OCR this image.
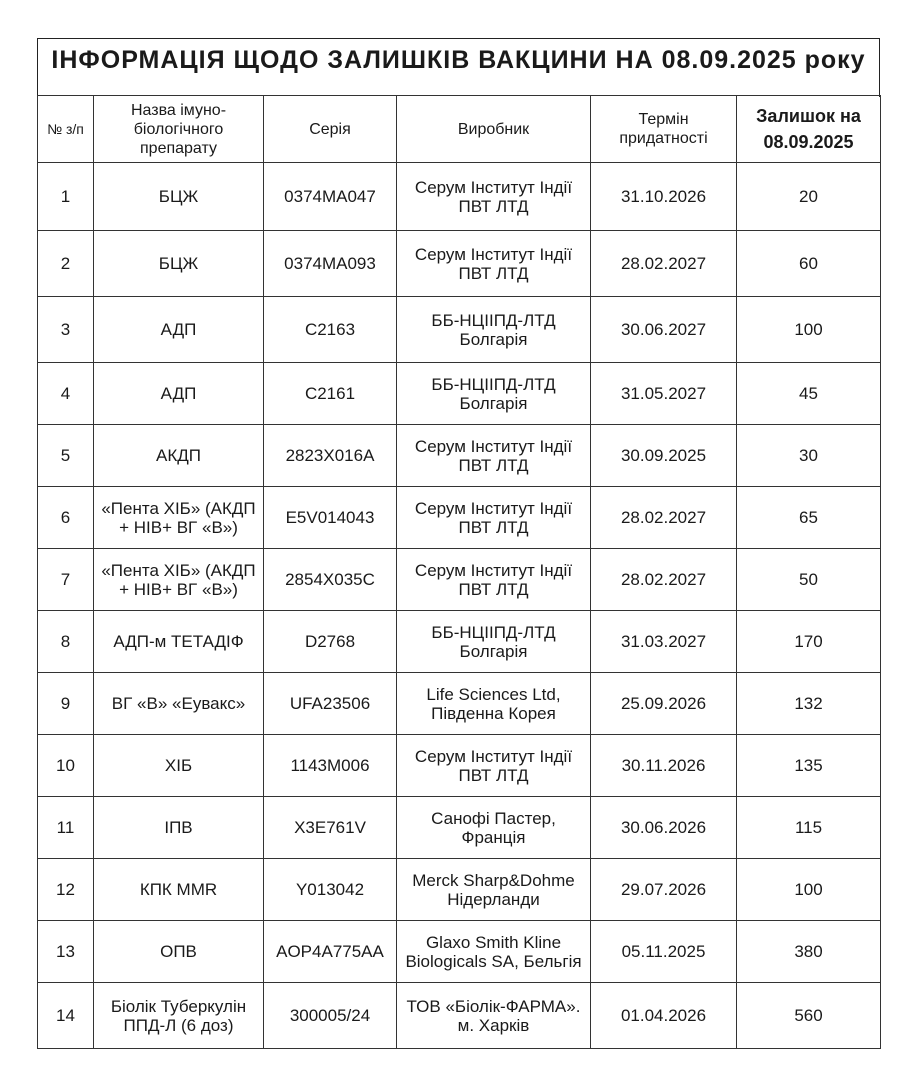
ІНФОРМАЦІЯ ЩОДО ЗАЛИШКІВ ВАКЦИНИ НА 08.09.2025 року

№ з/п	Назва імуно-біологічного препарату	Серія	Виробник	Термін придатності	Залишок на 08.09.2025
1	БЦЖ	0374MA047	Серум Інститут Індії ПВТ ЛТД	31.10.2026	20
2	БЦЖ	0374MA093	Серум Інститут Індії ПВТ ЛТД	28.02.2027	60
3	АДП	С2163	ББ-НЦІІПД-ЛТД Болгарія	30.06.2027	100
4	АДП	С2161	ББ-НЦІІПД-ЛТД Болгарія	31.05.2027	45
5	АКДП	2823Х016А	Серум Інститут Індії ПВТ ЛТД	30.09.2025	30
6	«Пента ХІБ» (АКДП + НІВ+ ВГ «В»)	E5V014043	Серум Інститут Індії ПВТ ЛТД	28.02.2027	65
7	«Пента ХІБ» (АКДП + НІВ+ ВГ «В»)	2854Х035С	Серум Інститут Індії ПВТ ЛТД	28.02.2027	50
8	АДП-м ТЕТАДІФ	D2768	ББ-НЦІІПД-ЛТД Болгарія	31.03.2027	170
9	ВГ «В» «Еувакс»	UFA23506	Life Sciences Ltd, Південна Корея	25.09.2026	132
10	ХІБ	1143M006	Серум Інститут Індії ПВТ ЛТД	30.11.2026	135
11	ІПВ	X3E761V	Санофі Пастер, Франція	30.06.2026	115
12	КПК MMR	Y013042	Merck Sharp&Dohme Нідерланди	29.07.2026	100
13	ОПВ	AOP4A775AA	Glaxo Smith Kline Biologicals SA, Бельгія	05.11.2025	380
14	Біолік Туберкулін ППД-Л (6 доз)	300005/24	ТОВ «Біолік-ФАРМА». м. Харків	01.04.2026	560
